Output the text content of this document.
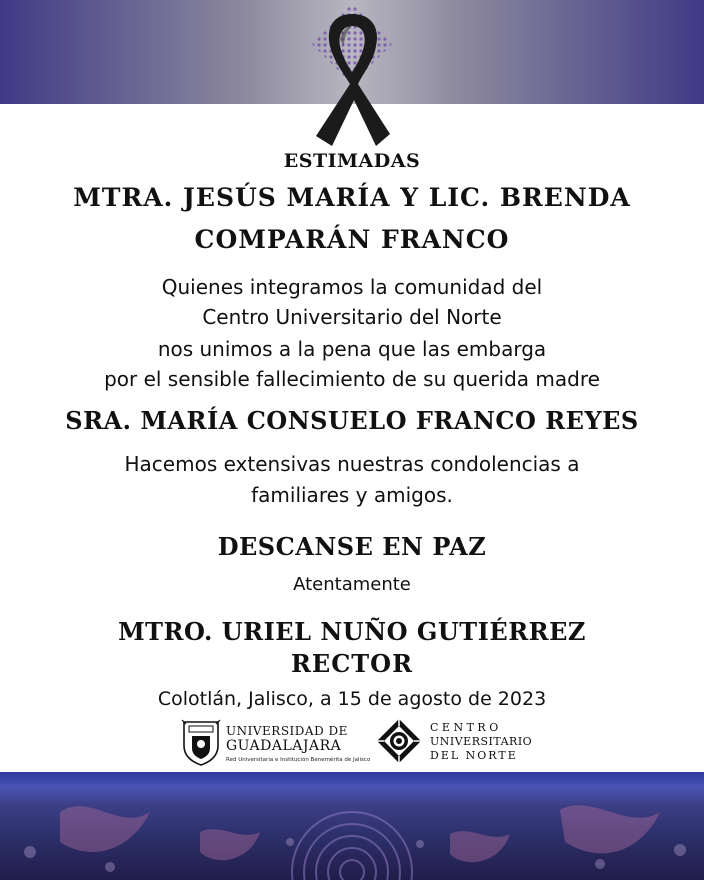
ESTIMADAS
MTRA. JESÚS MARÍA Y LIC. BRENDA
COMPARÁN FRANCO
Quienes integramos la comunidad del
Centro Universitario del Norte
nos unimos a la pena que las embarga
por el sensible fallecimiento de su querida madre
SRA. MARÍA CONSUELO FRANCO REYES
Hacemos extensivas nuestras condolencias a
familiares y amigos.
DESCANSE EN PAZ
Atentamente
MTRO. URIEL NUÑO GUTIÉRREZ
RECTOR
Colotlán, Jalisco, a 15 de agosto de 2023
UNIVERSIDAD DE
GUADALAJARA
Red Universitaria e Institución Benemérita de Jalisco
CENTRO
UNIVERSITARIO
DEL NORTE
